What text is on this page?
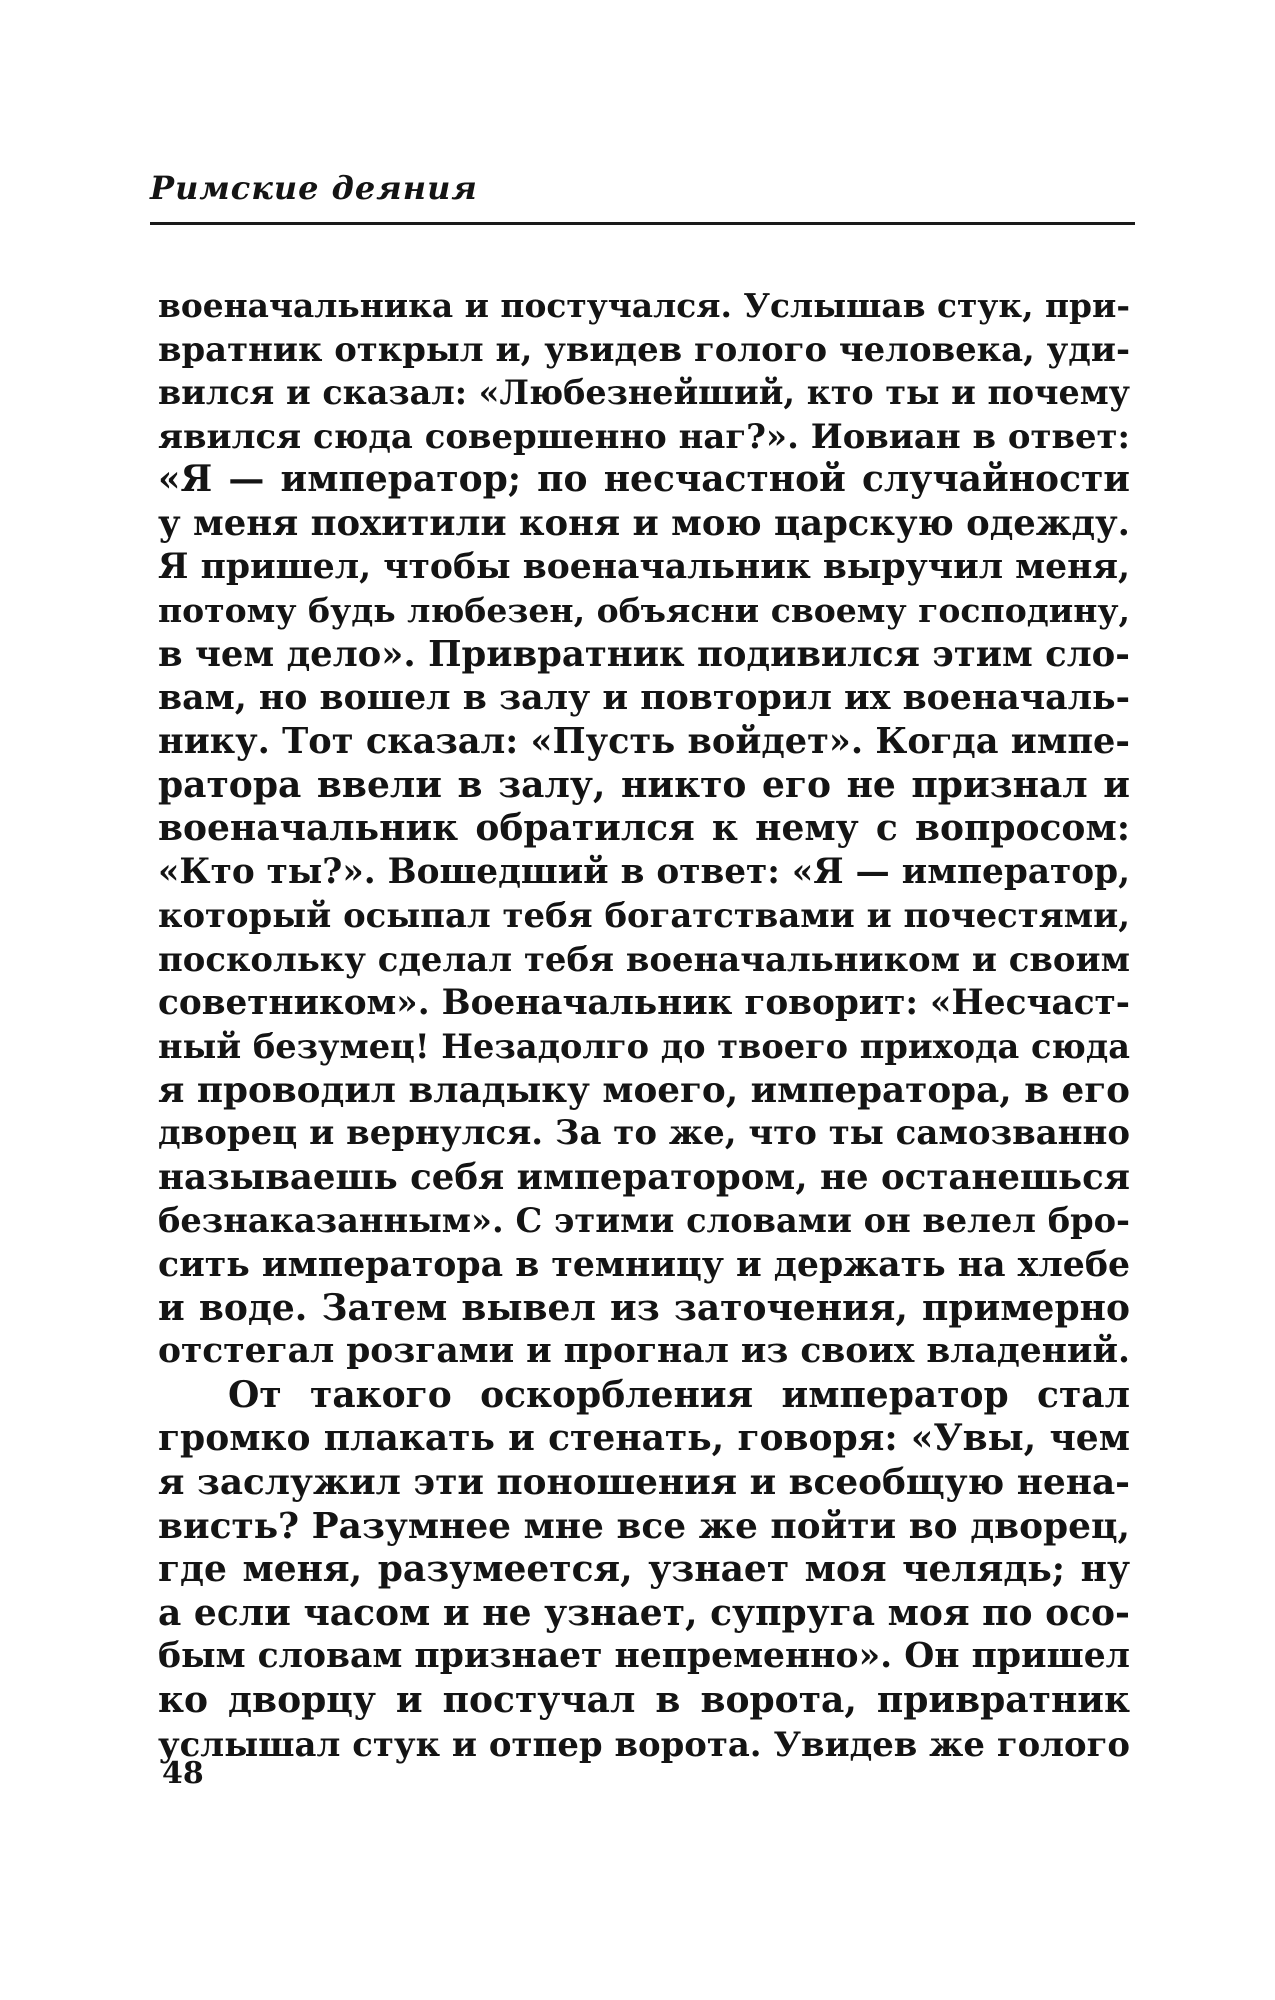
Римские деяния
военачальника и постучался. Услышав стук, при-
вратник открыл и, увидев голого человека, уди-
вился и сказал: «Любезнейший, кто ты и почему
явился сюда совершенно наг?». Иовиан в ответ:
«Я — император; по несчастной случайности
у меня похитили коня и мою царскую одежду.
Я пришел, чтобы военачальник выручил меня,
потому будь любезен, объясни своему господину,
в чем дело». Привратник подивился этим сло-
вам, но вошел в залу и повторил их военачаль-
нику. Тот сказал: «Пусть войдет». Когда импе-
ратора ввели в залу, никто его не признал и
военачальник обратился к нему с вопросом:
«Кто ты?». Вошедший в ответ: «Я — император,
который осыпал тебя богатствами и почестями,
поскольку сделал тебя военачальником и своим
советником». Военачальник говорит: «Несчаст-
ный безумец! Незадолго до твоего прихода сюда
я проводил владыку моего, императора, в его
дворец и вернулся. За то же, что ты самозванно
называешь себя императором, не останешься
безнаказанным». С этими словами он велел бро-
сить императора в темницу и держать на хлебе
и воде. Затем вывел из заточения, примерно
отстегал розгами и прогнал из своих владений.
От такого оскорбления император стал
громко плакать и стенать, говоря: «Увы, чем
я заслужил эти поношения и всеобщую нена-
висть? Разумнее мне все же пойти во дворец,
где меня, разумеется, узнает моя челядь; ну
а если часом и не узнает, супруга моя по осо-
бым словам признает непременно». Он пришел
ко дворцу и постучал в ворота, привратник
услышал стук и отпер ворота. Увидев же голого
48
